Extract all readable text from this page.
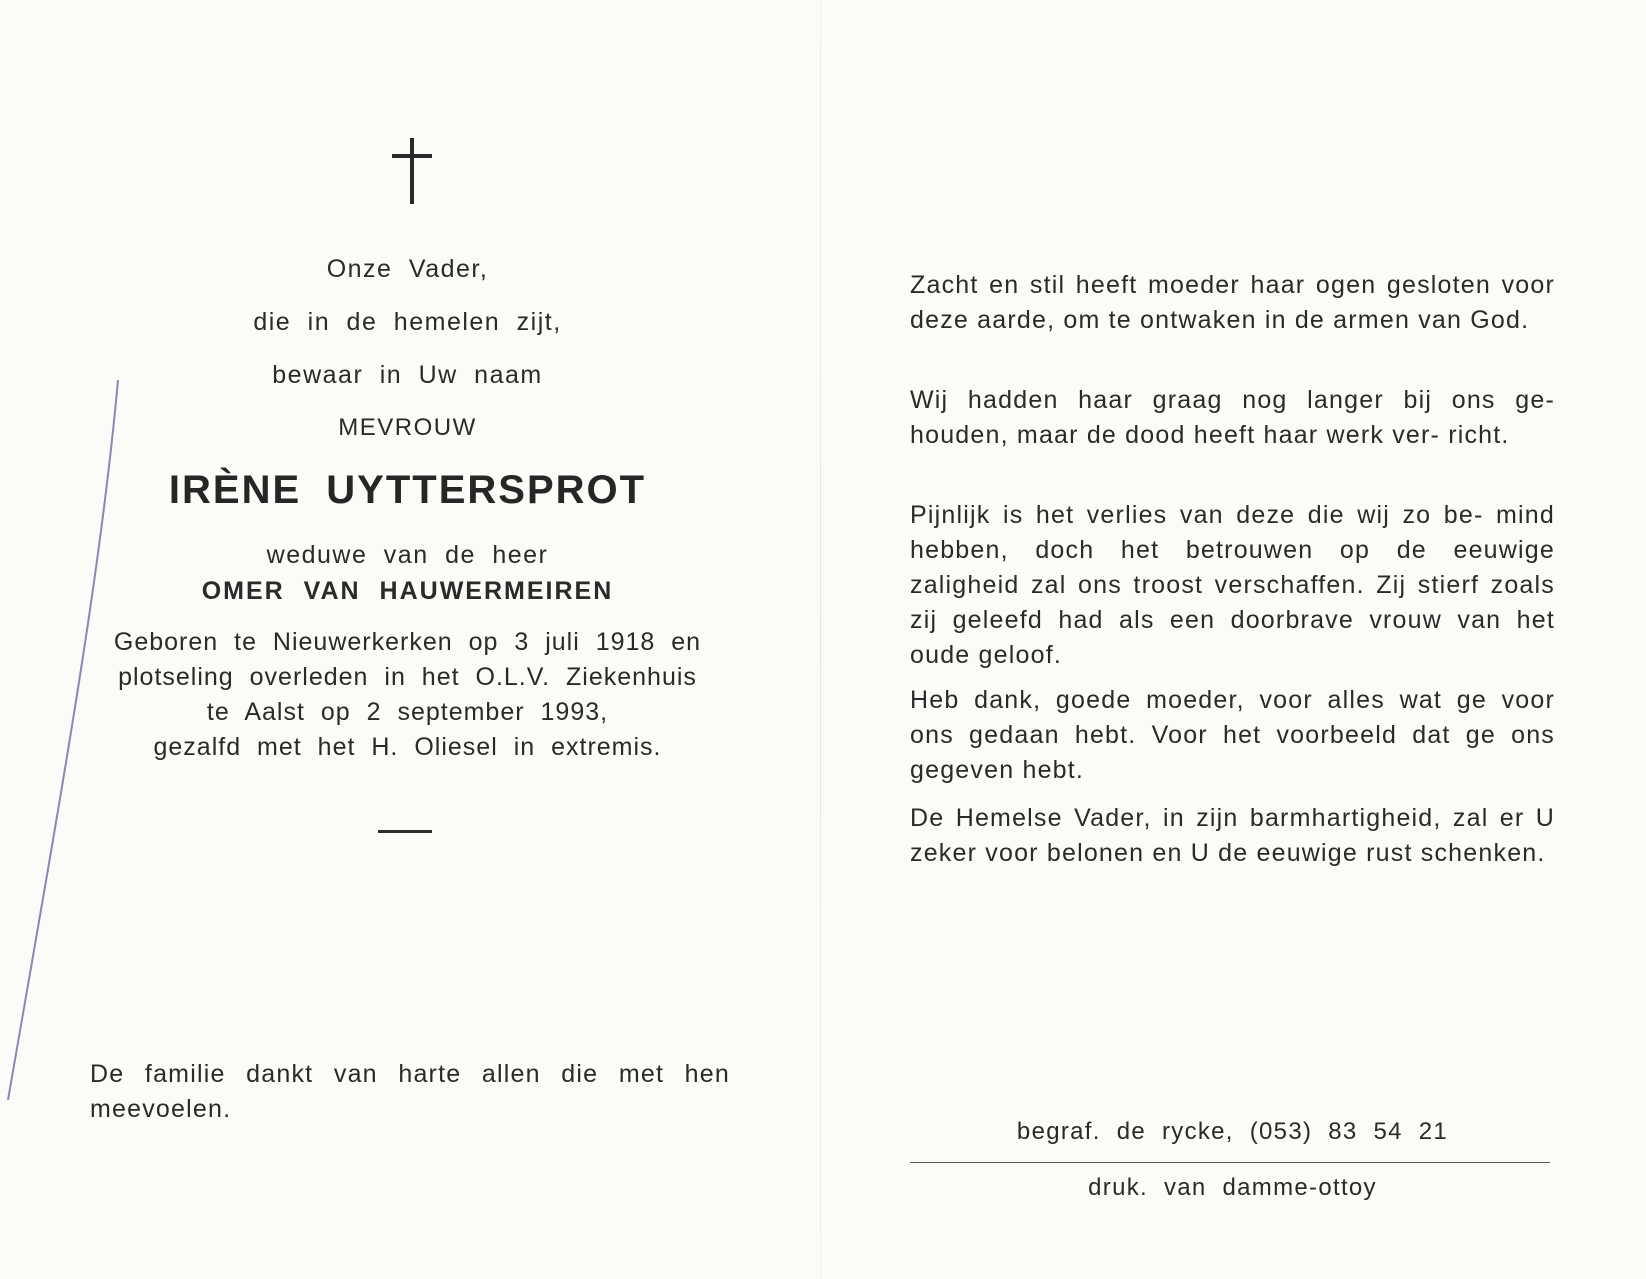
Onze Vader,

die in de hemelen zijt,

bewaar in Uw naam

MEVROUW

IRÈNE UYTTERSPROT

weduwe van de heer

OMER VAN HAUWERMEIREN

Geboren te Nieuwerkerken op 3 juli 1918 en

plotseling overleden in het O.L.V. Ziekenhuis

te Aalst op 2 september 1993,

gezalfd met het H. Oliesel in extremis.

De familie dankt van harte allen die met hen meevoelen.

Zacht en stil heeft moeder haar ogen gesloten voor deze aarde, om te ontwaken in de armen van God.

Wij hadden haar graag nog langer bij ons ge- houden, maar de dood heeft haar werk ver- richt.

Pijnlijk is het verlies van deze die wij zo be- mind hebben, doch het betrouwen op de eeuwige zaligheid zal ons troost verschaffen. Zij stierf zoals zij geleefd had als een doorbrave vrouw van het oude geloof.

Heb dank, goede moeder, voor alles wat ge voor ons gedaan hebt. Voor het voorbeeld dat ge ons gegeven hebt.

De Hemelse Vader, in zijn barmhartigheid, zal er U zeker voor belonen en U de eeuwige rust schenken.

begraf. de rycke, (053) 83 54 21

druk. van damme-ottoy
